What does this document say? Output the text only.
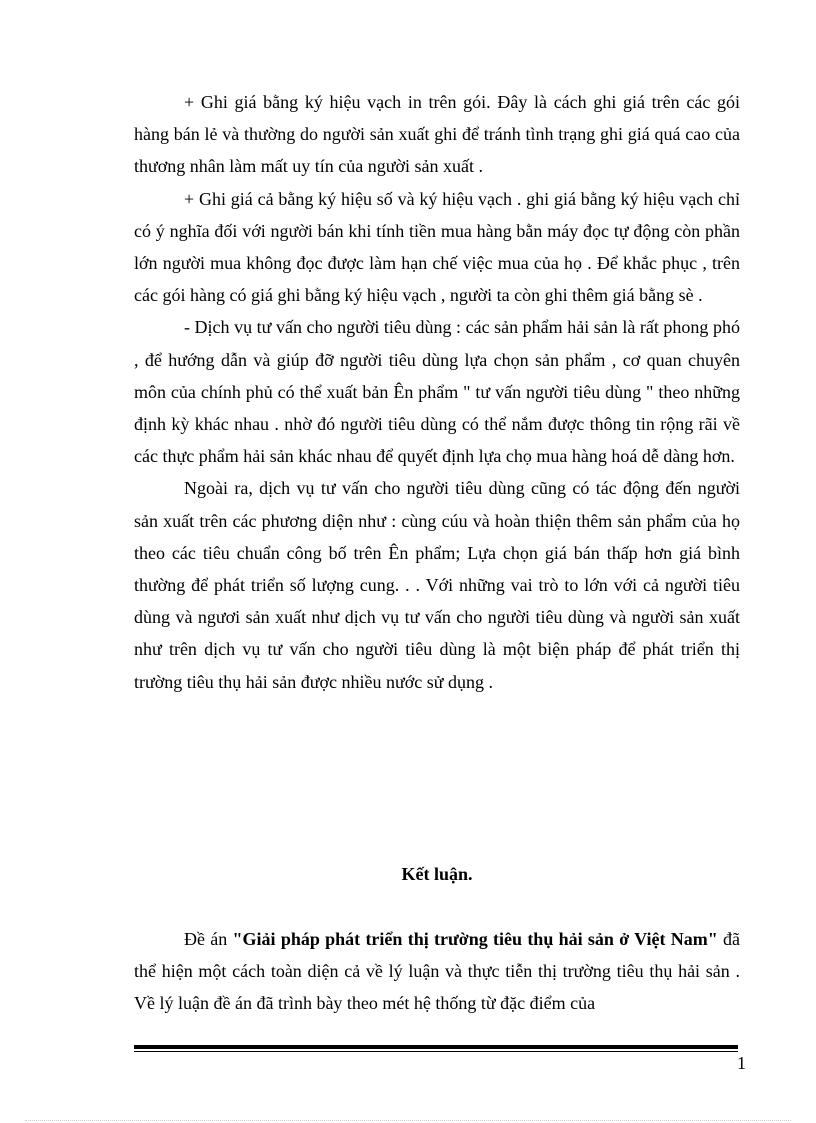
+ Ghi giá bằng ký hiệu vạch in trên gói. Đây là cách ghi giá trên các gói hàng bán lẻ và thường do người sản xuất ghi để tránh tình trạng ghi giá quá cao của thương nhân làm mất uy tín của người sản xuất .

+ Ghi giá cả bằng ký hiệu số và ký hiệu vạch . ghi giá bằng ký hiệu vạch chỉ có ý nghĩa đối với người bán khi tính tiền mua hàng bằn máy đọc tự động còn phần lớn người mua không đọc được làm hạn chế việc mua của họ . Để khắc phục , trên các gói hàng có giá ghi bằng ký hiệu vạch , người ta còn ghi thêm giá bằng sè .

- Dịch vụ tư vấn cho người tiêu dùng : các sản phẩm hải sản là rất phong phó , để hướng dẫn và giúp đỡ người tiêu dùng lựa chọn sản phẩm , cơ quan chuyên môn của chính phủ có thể xuất bản Ên phẩm " tư vấn người tiêu dùng " theo những định kỳ khác nhau . nhờ đó người tiêu dùng có thể nắm được thông tin rộng rãi về các thực phẩm hải sản khác nhau để quyết định lựa chọ mua hàng hoá dễ dàng hơn.

Ngoài ra, dịch vụ tư vấn cho người tiêu dùng cũng có tác động đến người sản xuất trên các phương diện như : cùng cúu và hoàn thiện thêm sản phẩm của họ theo các tiêu chuẩn công bố trên Ên phẩm; Lựa chọn giá bán thấp hơn giá bình thường để phát triển số lượng cung. . . Với những vai trò to lớn với cả người tiêu dùng và ngươi sản xuất như dịch vụ tư vấn cho người tiêu dùng và người sản xuất như trên dịch vụ tư vấn cho người tiêu dùng là một biện pháp để phát triển thị trường tiêu thụ hải sản được nhiều nước sử dụng .

Kết luận.

Đề án "Giải pháp phát triển thị trường tiêu thụ hải sản ở Việt Nam" đã thể hiện một cách toàn diện cả về lý luận và thực tiễn thị trường tiêu thụ hải sản . Về lý luận đề án đã trình bày theo mét hệ thống từ đặc điểm của

1
